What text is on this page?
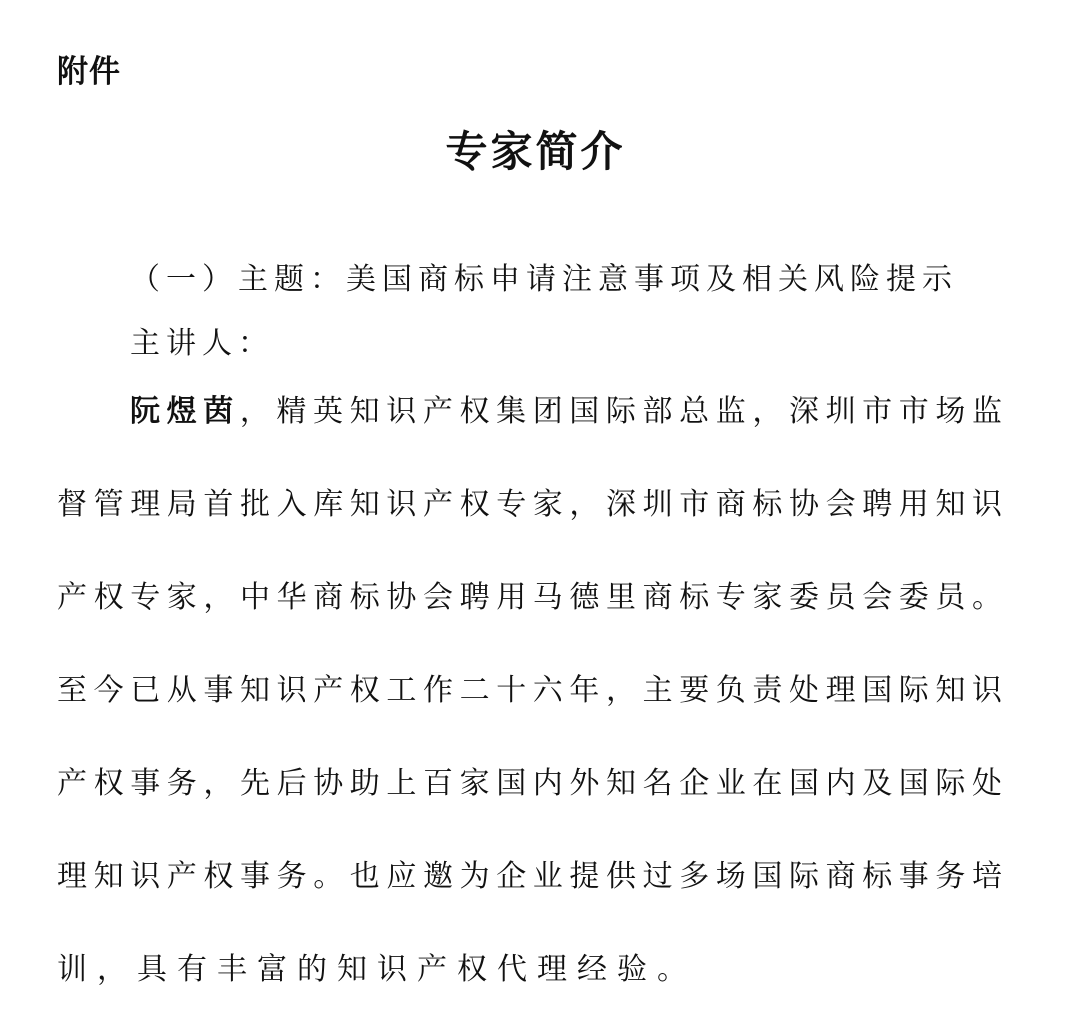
附件
专家简介
（一）主题：美国商标申请注意事项及相关风险提示
主讲人：
阮煜茵，精英知识产权集团国际部总监，深圳市市场监
督管理局首批入库知识产权专家，深圳市商标协会聘用知识
产权专家，中华商标协会聘用马德里商标专家委员会委员。
至今已从事知识产权工作二十六年，主要负责处理国际知识
产权事务，先后协助上百家国内外知名企业在国内及国际处
理知识产权事务。也应邀为企业提供过多场国际商标事务培
训，具有丰富的知识产权代理经验。
